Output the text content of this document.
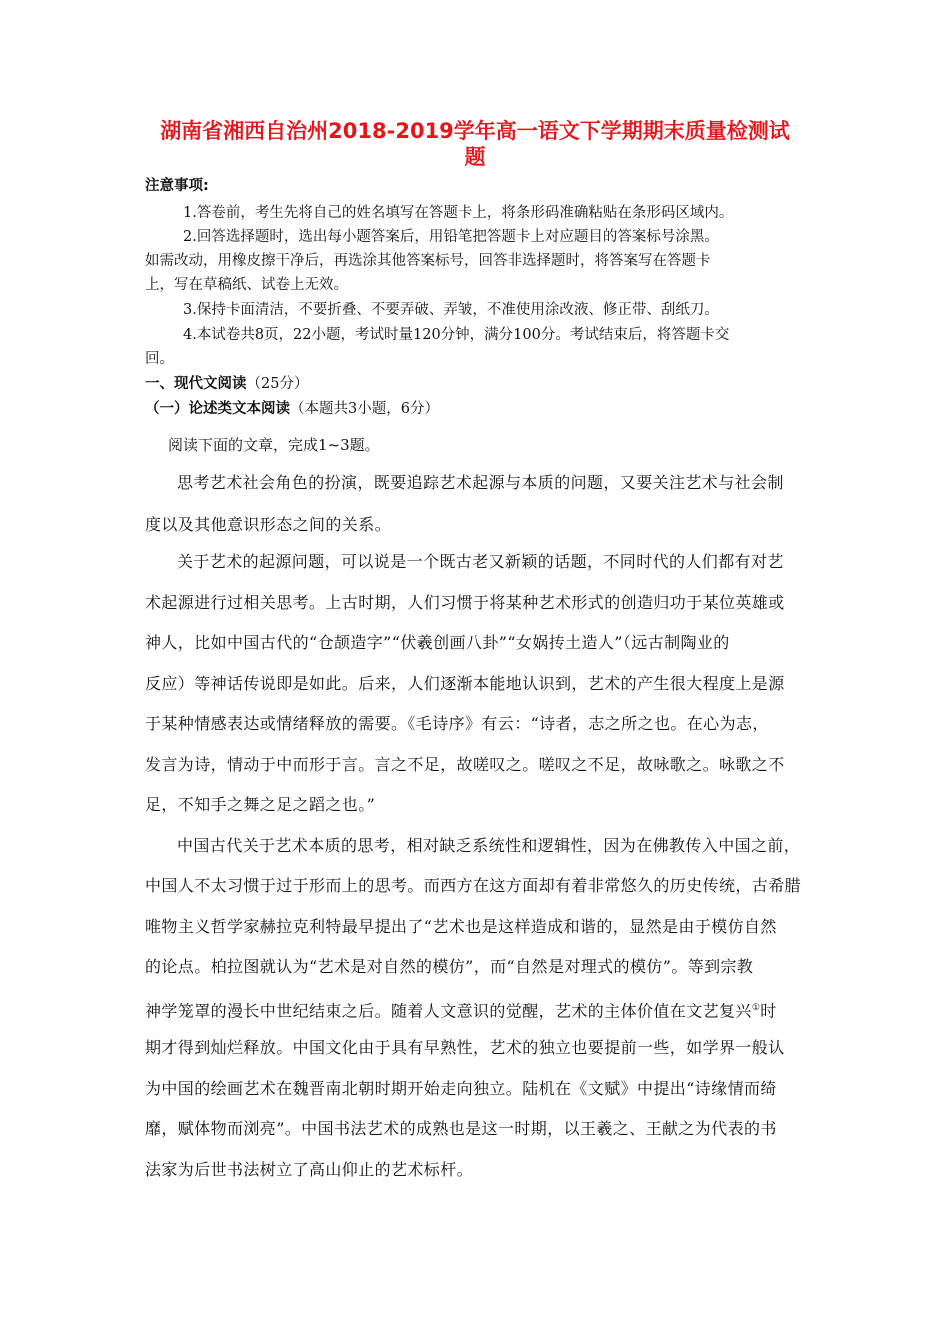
湖南省湘西自治州2018-2019学年高一语文下学期期末质量检测试
题
注意事项:
1.答卷前，考生先将自己的姓名填写在答题卡上，将条形码准确粘贴在条形码区域内。
2.回答选择题时，选出每小题答案后，用铅笔把答题卡上对应题目的答案标号涂黑。
如需改动，用橡皮擦干净后，再选涂其他答案标号，回答非选择题时，将答案写在答题卡
上，写在草稿纸、试卷上无效。
3.保持卡面清洁，不要折叠、不要弄破、弄皱，不准使用涂改液、修正带、刮纸刀。
4.本试卷共8页，22小题，考试时量120分钟，满分100分。考试结束后，将答题卡交
回。
一、现代文阅读（25分）
（一）论述类文本阅读（本题共3小题，6分）
阅读下面的文章，完成1~3题。
思考艺术社会角色的扮演，既要追踪艺术起源与本质的问题，又要关注艺术与社会制
度以及其他意识形态之间的关系。
关于艺术的起源问题，可以说是一个既古老又新颖的话题，不同时代的人们都有对艺
术起源进行过相关思考。上古时期，人们习惯于将某种艺术形式的创造归功于某位英雄或
神人，比如中国古代的“仓颉造字”“伏羲创画八卦”“女娲抟土造人”（远古制陶业的
反应）等神话传说即是如此。后来，人们逐渐本能地认识到，艺术的产生很大程度上是源
于某种情感表达或情绪释放的需要。《毛诗序》有云：“诗者，志之所之也。在心为志，
发言为诗，情动于中而形于言。言之不足，故嗟叹之。嗟叹之不足，故咏歌之。咏歌之不
足，不知手之舞之足之蹈之也。”
中国古代关于艺术本质的思考，相对缺乏系统性和逻辑性，因为在佛教传入中国之前，
中国人不太习惯于过于形而上的思考。而西方在这方面却有着非常悠久的历史传统，古希腊
唯物主义哲学家赫拉克利特最早提出了“艺术也是这样造成和谐的，显然是由于模仿自然
的论点。柏拉图就认为“艺术是对自然的模仿”，而“自然是对理式的模仿”。等到宗教
神学笼罩的漫长中世纪结束之后。随着人文意识的觉醒，艺术的主体价值在文艺复兴①时
期才得到灿烂释放。中国文化由于具有早熟性，艺术的独立也要提前一些，如学界一般认
为中国的绘画艺术在魏晋南北朝时期开始走向独立。陆机在《文赋》中提出“诗缘情而绮
靡，赋体物而浏亮”。中国书法艺术的成熟也是这一时期，以王羲之、王献之为代表的书
法家为后世书法树立了高山仰止的艺术标杆。
